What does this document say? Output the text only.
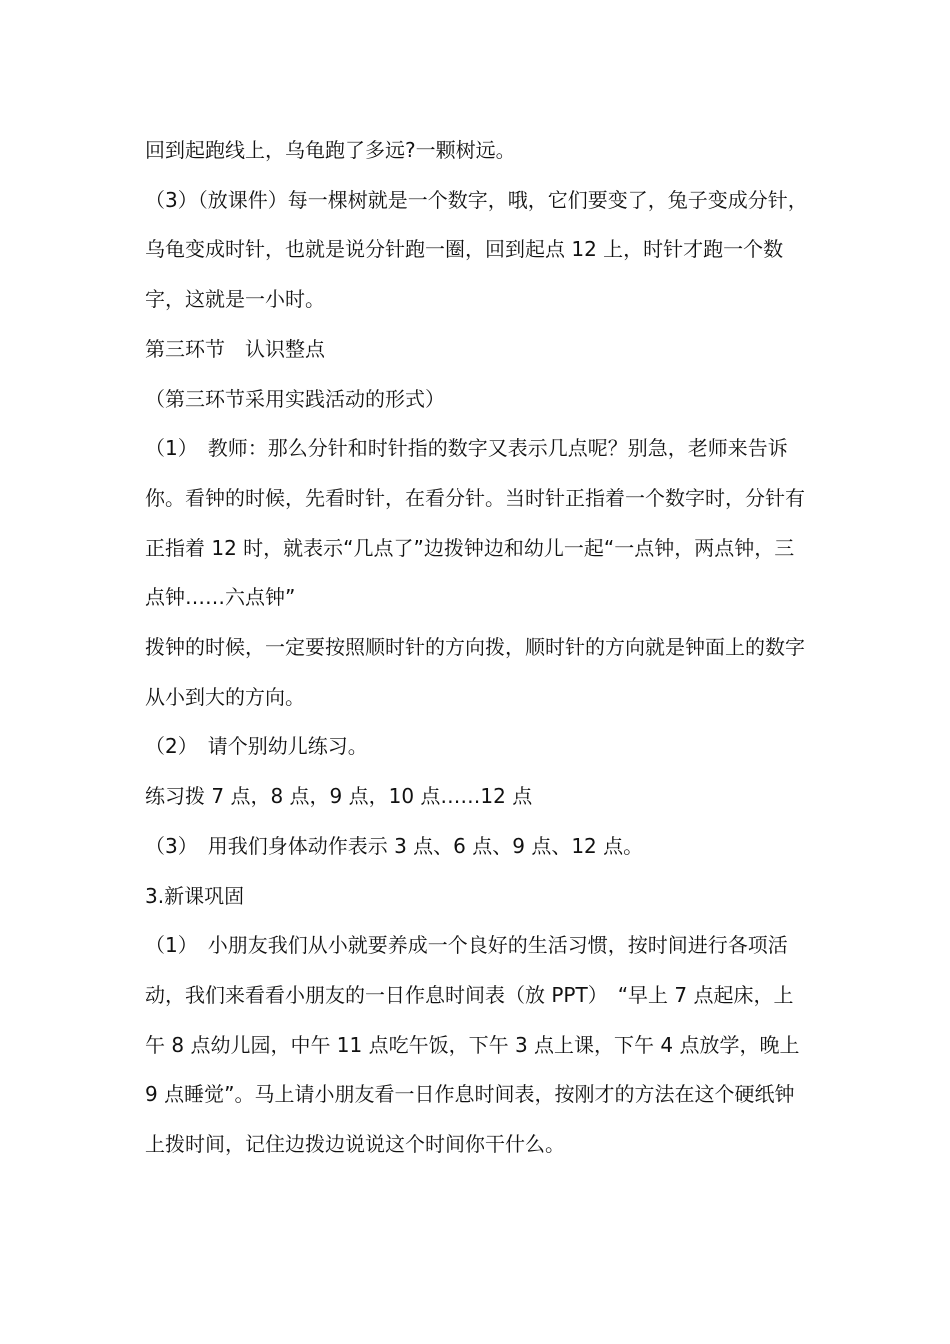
回到起跑线上，乌龟跑了多远?一颗树远。

（3）（放课件）每一棵树就是一个数字，哦，它们要变了，兔子变成分针，乌龟变成时针，也就是说分针跑一圈，回到起点 12 上，时针才跑一个数字，这就是一小时。

第三环节　认识整点

（第三环节采用实践活动的形式）

（1）　教师：那么分针和时针指的数字又表示几点呢？别急，老师来告诉你。看钟的时候，先看时针，在看分针。当时针正指着一个数字时，分针有正指着 12 时，就表示“几点了”边拨钟边和幼儿一起“一点钟，两点钟，三点钟……六点钟”

拨钟的时候，一定要按照顺时针的方向拨，顺时针的方向就是钟面上的数字从小到大的方向。

（2）　请个别幼儿练习。

练习拨 7 点，8 点，9 点，10 点……12 点

（3）　用我们身体动作表示 3 点、6 点、9 点、12 点。

3.新课巩固

（1）　小朋友我们从小就要养成一个良好的生活习惯，按时间进行各项活动，我们来看看小朋友的一日作息时间表（放 PPT）　“早上 7 点起床，上午 8 点幼儿园，中午 11 点吃午饭，下午 3 点上课，下午 4 点放学，晚上 9 点睡觉”。马上请小朋友看一日作息时间表，按刚才的方法在这个硬纸钟上拨时间，记住边拨边说说这个时间你干什么。
